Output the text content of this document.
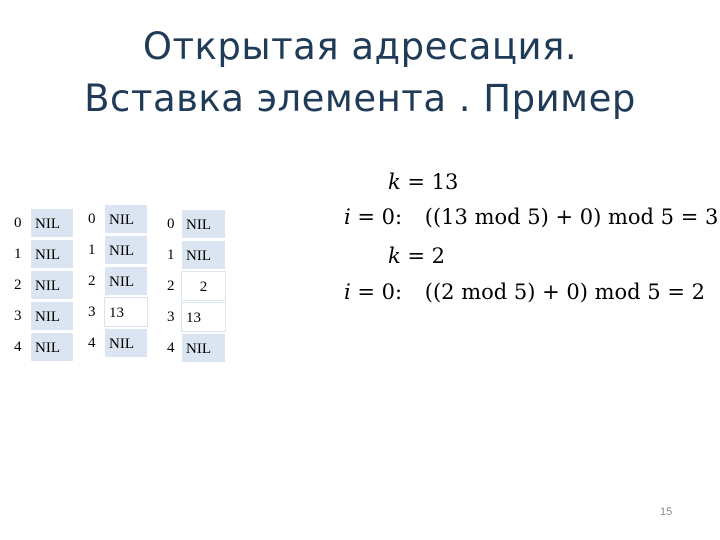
Открытая адресация.
Вставка элемента . Пример
0 NIL
1 NIL
2 NIL
3 NIL
4 NIL
0 NIL
1 NIL
2 NIL
3 13
4 NIL
0 NIL
1 NIL
2	2
3 13
4 NIL
k = 13
i = 0: ((13 mod 5) + 0) mod 5 = 3
k = 2
i = 0: ((2 mod 5) + 0) mod 5 = 2
15
